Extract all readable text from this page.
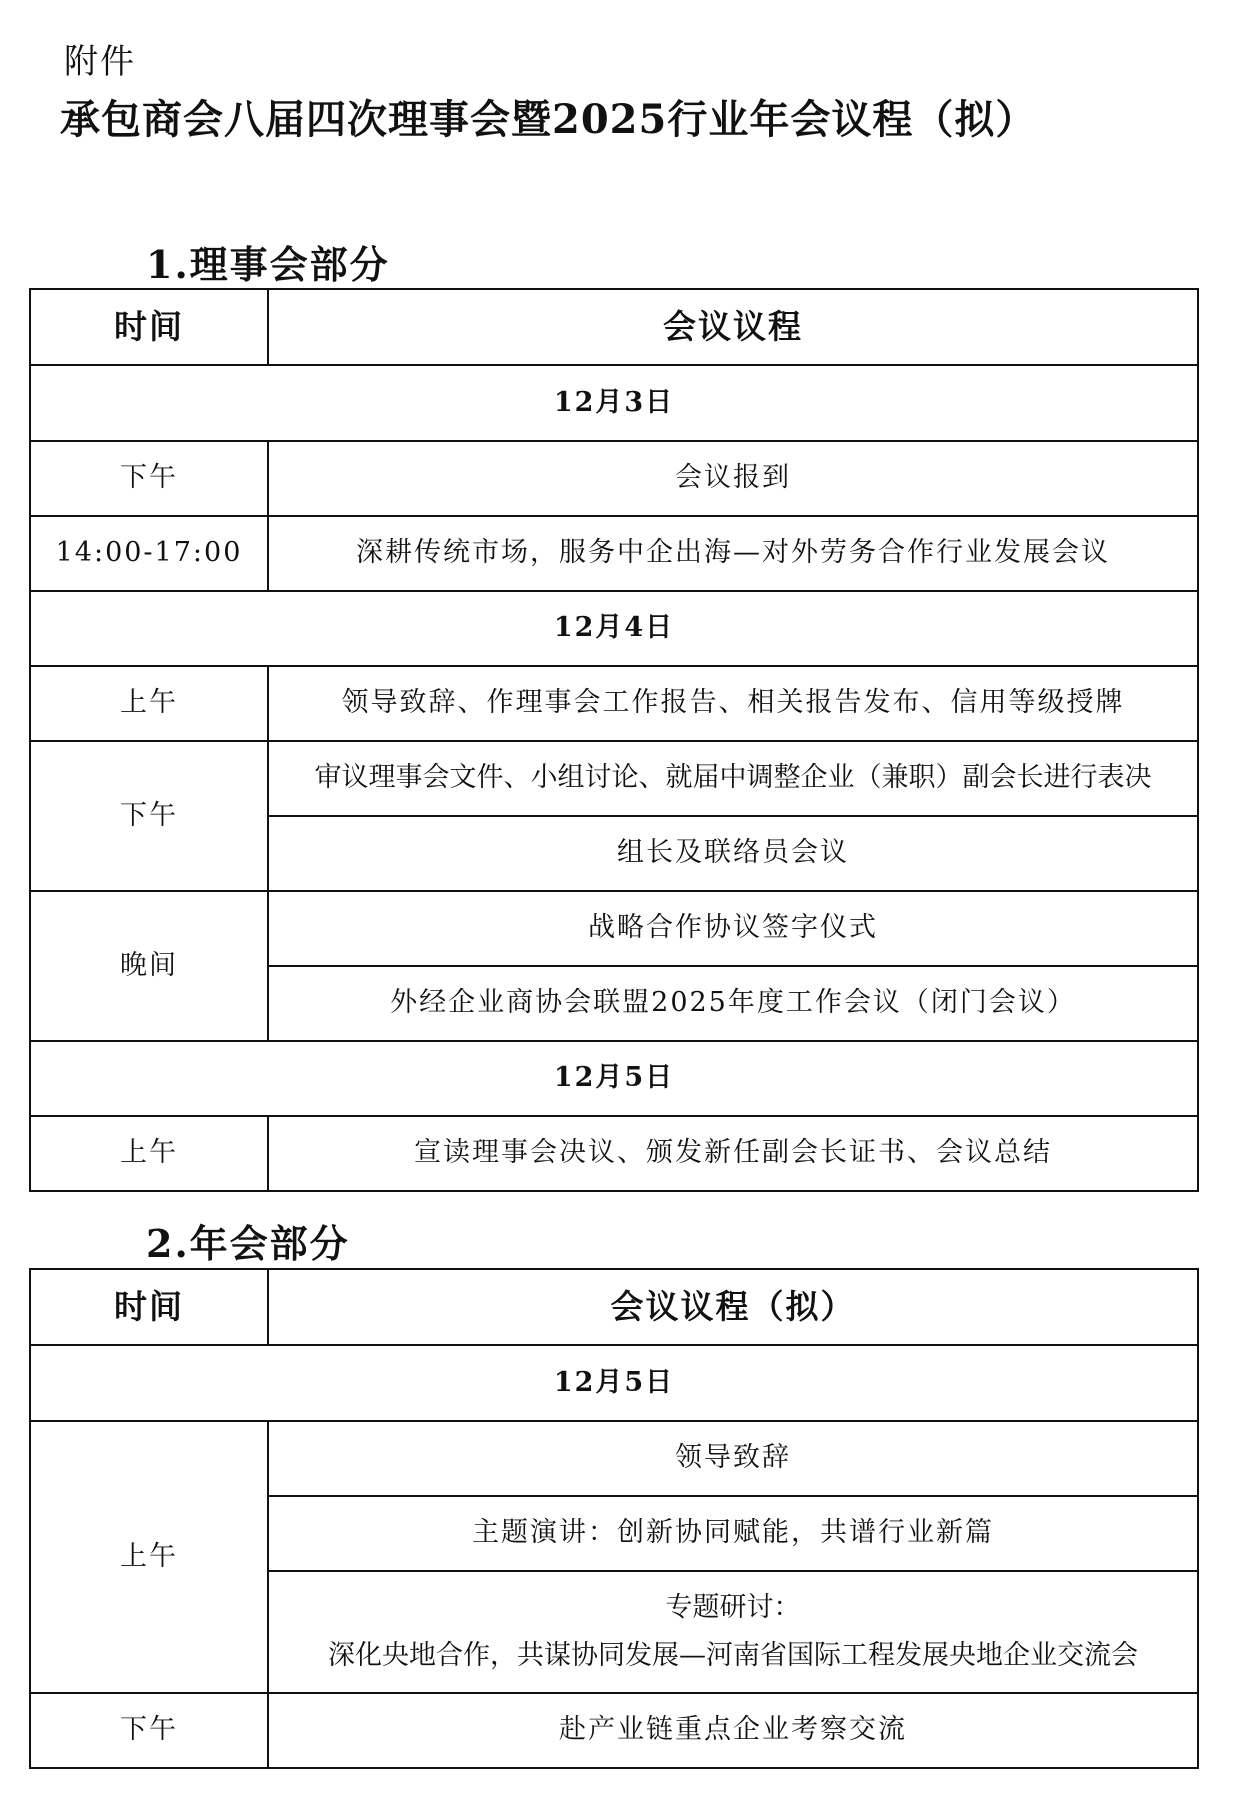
附件
承包商会八届四次理事会暨2025行业年会议程（拟）
1.理事会部分
时间	会议议程
12月3日	
下午	会议报到
14:00-17:00	深耕传统市场，服务中企出海—对外劳务合作行业发展会议
12月4日	
上午	领导致辞、作理事会工作报告、相关报告发布、信用等级授牌
下午	审议理事会文件、小组讨论、就届中调整企业（兼职）副会长进行表决
	组长及联络员会议
晚间	战略合作协议签字仪式
	外经企业商协会联盟2025年度工作会议（闭门会议）
12月5日	
上午	宣读理事会决议、颁发新任副会长证书、会议总结
2.年会部分
时间	会议议程（拟）
12月5日	
上午	领导致辞
	主题演讲：创新协同赋能，共谱行业新篇

	专题研讨：
深化央地合作，共谋协同发展—河南省国际工程发展央地企业交流会

下午	赴产业链重点企业考察交流
